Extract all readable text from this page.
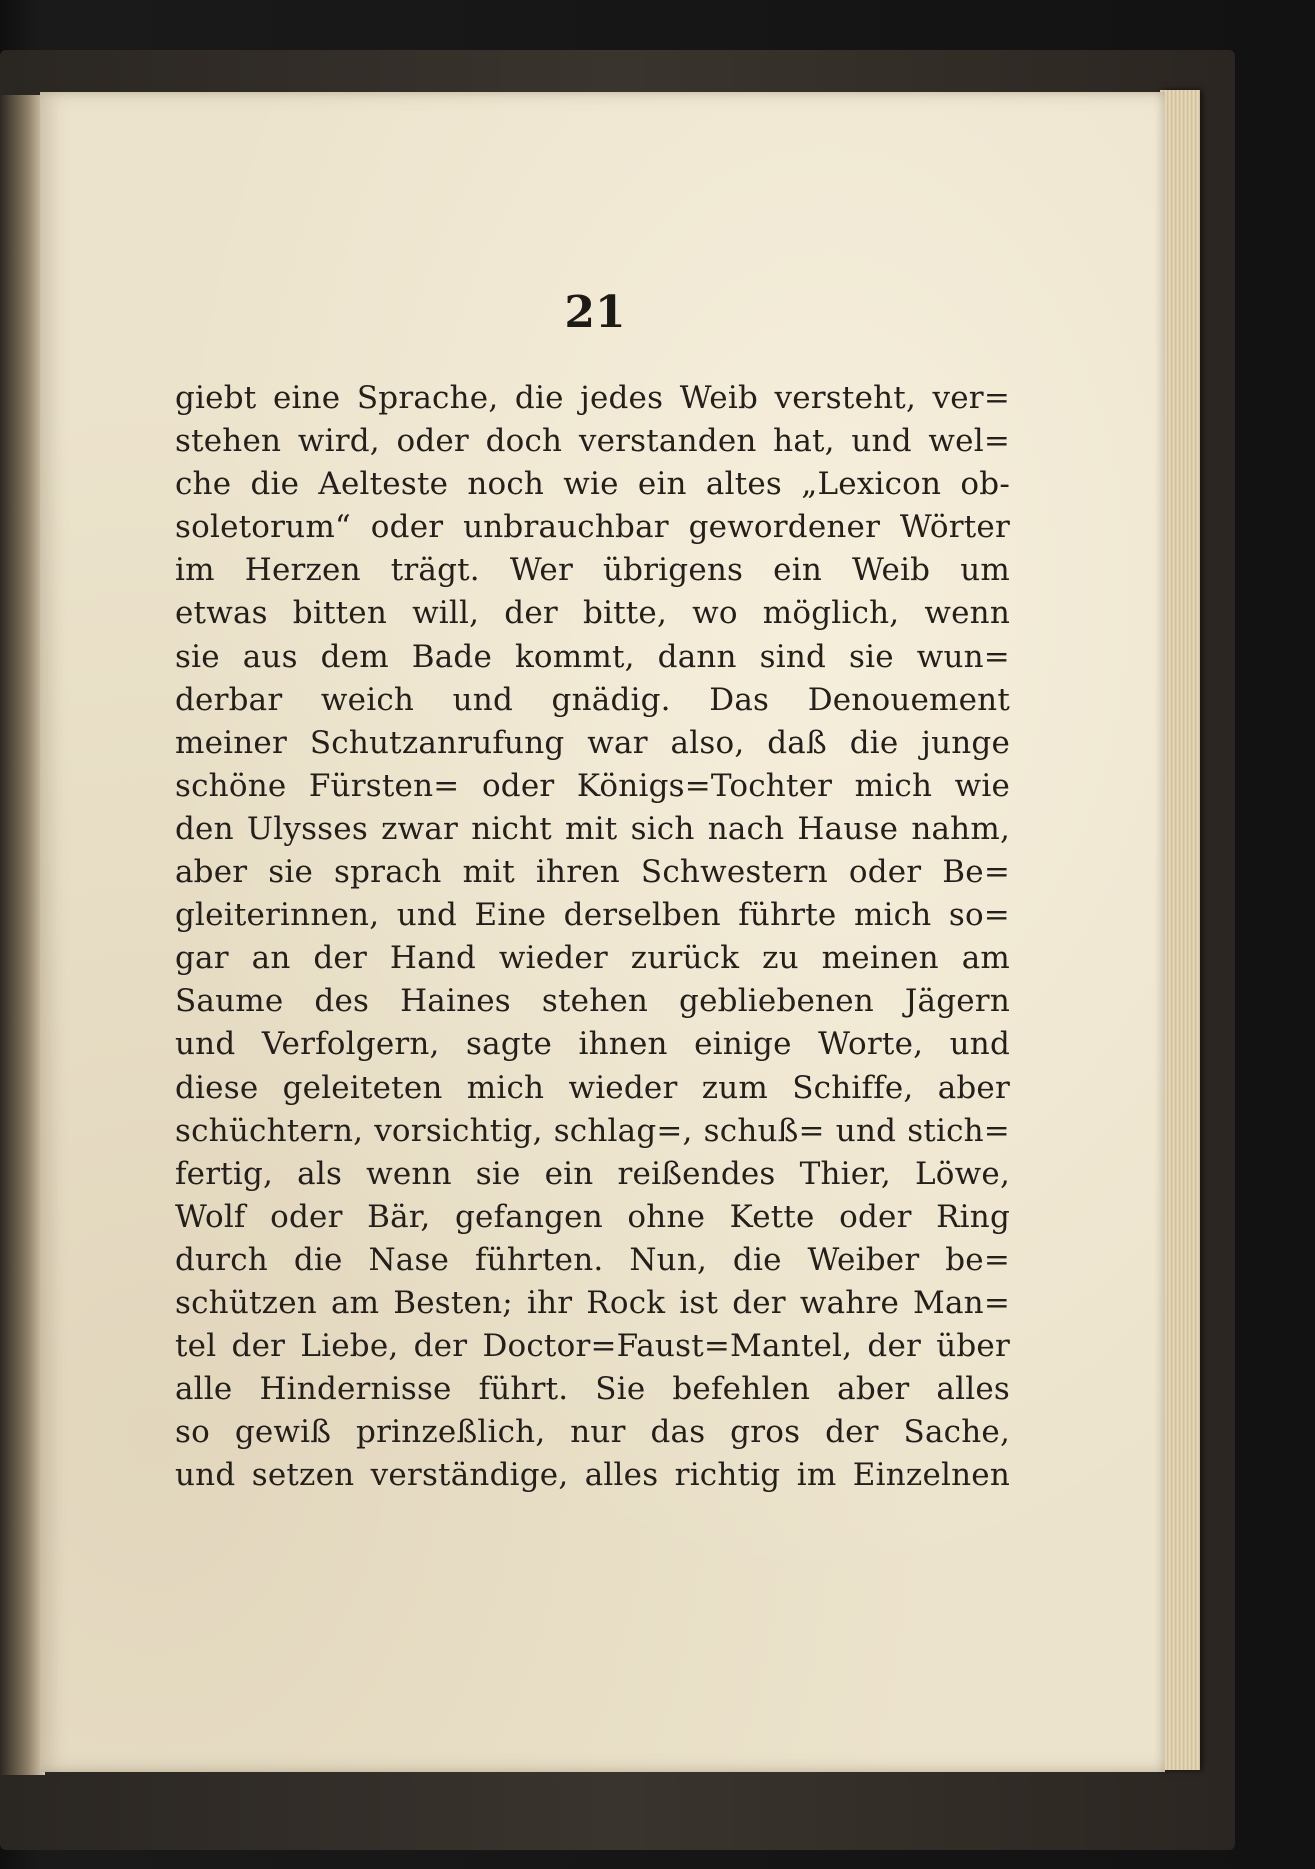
21
giebt eine Sprache, die jedes Weib versteht, ver=
stehen wird, oder doch verstanden hat, und wel=
che die Aelteste noch wie ein altes „Lexicon ob-
soletorum“ oder unbrauchbar gewordener Wörter
im Herzen trägt. Wer übrigens ein Weib um
etwas bitten will, der bitte, wo möglich, wenn
sie aus dem Bade kommt, dann sind sie wun=
derbar weich und gnädig. Das Denouement
meiner Schutzanrufung war also, daß die junge
schöne Fürsten= oder Königs=Tochter mich wie
den Ulysses zwar nicht mit sich nach Hause nahm,
aber sie sprach mit ihren Schwestern oder Be=
gleiterinnen, und Eine derselben führte mich so=
gar an der Hand wieder zurück zu meinen am
Saume des Haines stehen gebliebenen Jägern
und Verfolgern, sagte ihnen einige Worte, und
diese geleiteten mich wieder zum Schiffe, aber
schüchtern, vorsichtig, schlag=, schuß= und stich=
fertig, als wenn sie ein reißendes Thier, Löwe,
Wolf oder Bär, gefangen ohne Kette oder Ring
durch die Nase führten. Nun, die Weiber be=
schützen am Besten; ihr Rock ist der wahre Man=
tel der Liebe, der Doctor=Faust=Mantel, der über
alle Hindernisse führt. Sie befehlen aber alles
so gewiß prinzeßlich, nur das gros der Sache,
und setzen verständige, alles richtig im Einzelnen
